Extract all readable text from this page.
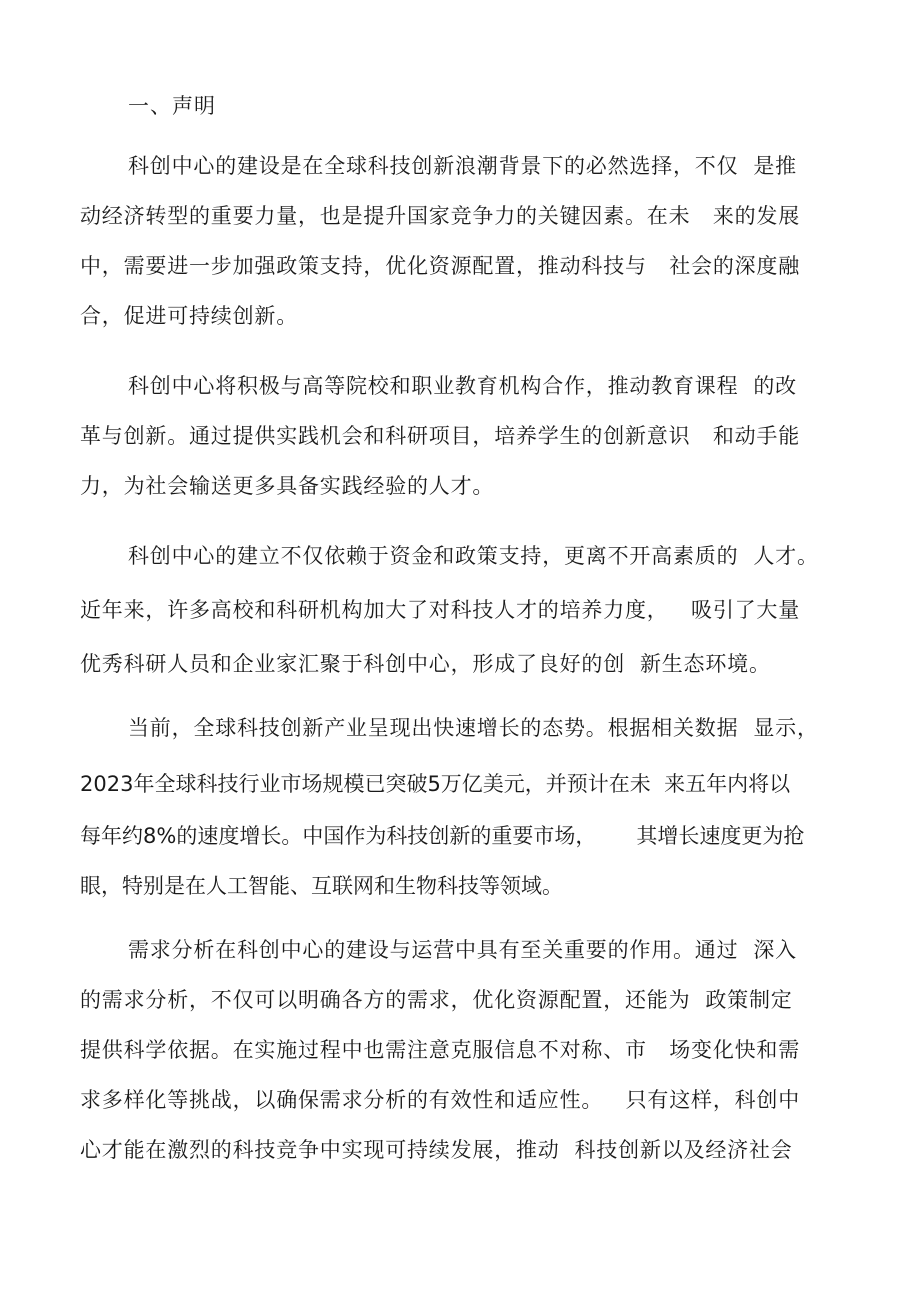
一、声明
科创中心的建设是在全球科技创新浪潮背景下的必然选择，不仅  是推
动经济转型的重要力量，也是提升国家竞争力的关键因素。在未   来的发展
中，需要进一步加强政策支持，优化资源配置，推动科技与   社会的深度融
合，促进可持续创新。
科创中心将积极与高等院校和职业教育机构合作，推动教育课程  的改
革与创新。通过提供实践机会和科研项目，培养学生的创新意识   和动手能
力，为社会输送更多具备实践经验的人才。
科创中心的建立不仅依赖于资金和政策支持，更离不开高素质的  人才。
近年来，许多高校和科研机构加大了对科技人才的培养力度，   吸引了大量
优秀科研人员和企业家汇聚于科创中心，形成了良好的创  新生态环境。
当前，全球科技创新产业呈现出快速增长的态势。根据相关数据  显示，
2023年全球科技行业市场规模已突破5万亿美元，并预计在未  来五年内将以
每年约8%的速度增长。中国作为科技创新的重要市场，      其增长速度更为抢
眼，特别是在人工智能、互联网和生物科技等领域。
需求分析在科创中心的建设与运营中具有至关重要的作用。通过  深入
的需求分析，不仅可以明确各方的需求，优化资源配置，还能为  政策制定
提供科学依据。在实施过程中也需注意克服信息不对称、市   场变化快和需
求多样化等挑战，以确保需求分析的有效性和适应性。   只有这样，科创中
心才能在激烈的科技竞争中实现可持续发展，推动  科技创新以及经济社会
